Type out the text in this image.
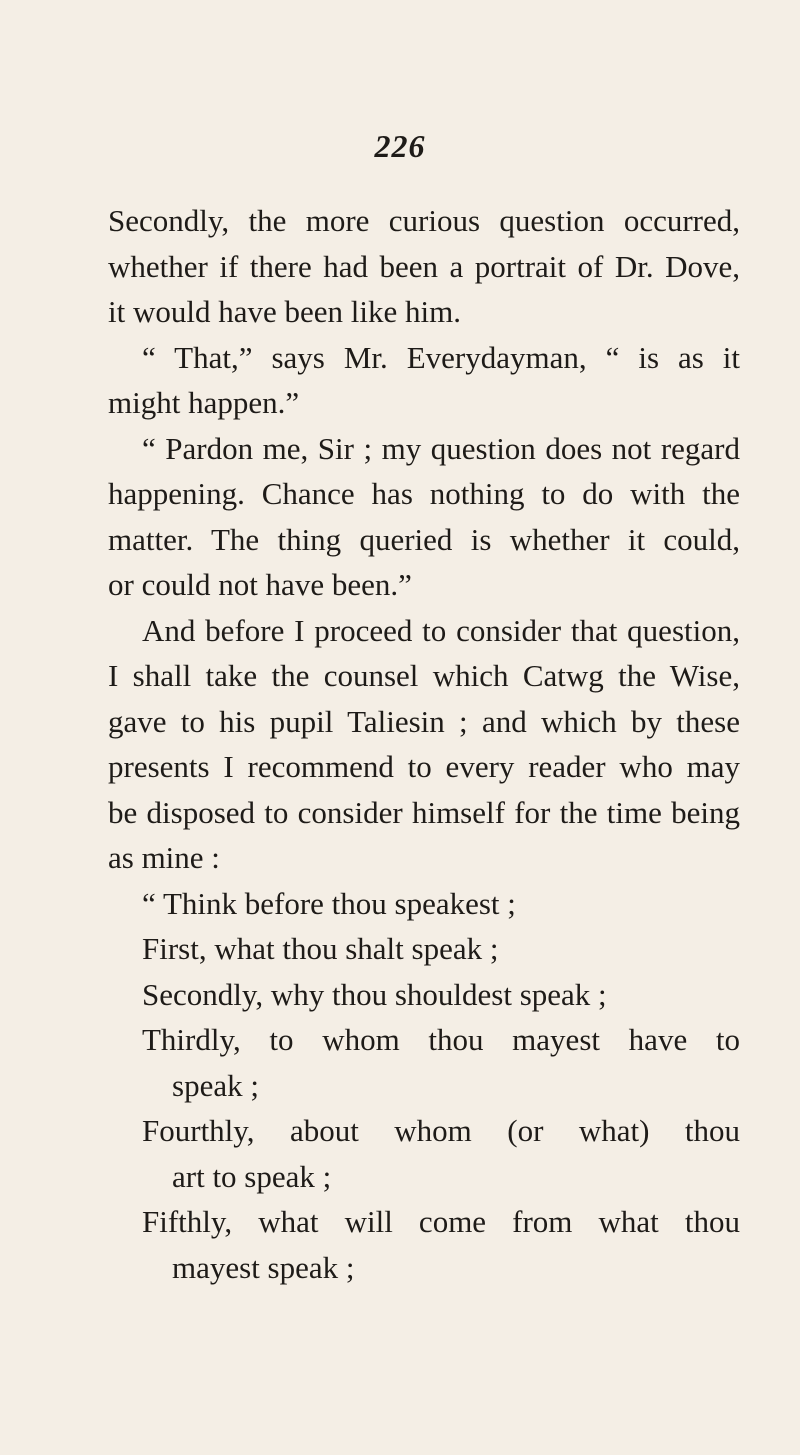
226
Secondly, the more curious question occurred,
whether if there had been a portrait of Dr. Dove,
it would have been like him.
“ That,” says Mr. Everydayman, “ is as it
might happen.”
“ Pardon me, Sir ; my question does not regard
happening. Chance has nothing to do with the
matter. The thing queried is whether it could,
or could not have been.”
And before I proceed to consider that question,
I shall take the counsel which Catwg the Wise,
gave to his pupil Taliesin ; and which by these
presents I recommend to every reader who may
be disposed to consider himself for the time being
as mine :
“ Think before thou speakest ;
First, what thou shalt speak ;
Secondly, why thou shouldest speak ;
Thirdly, to whom thou mayest have to
speak ;
Fourthly, about whom (or what) thou
art to speak ;
Fifthly, what will come from what thou
mayest speak ;
